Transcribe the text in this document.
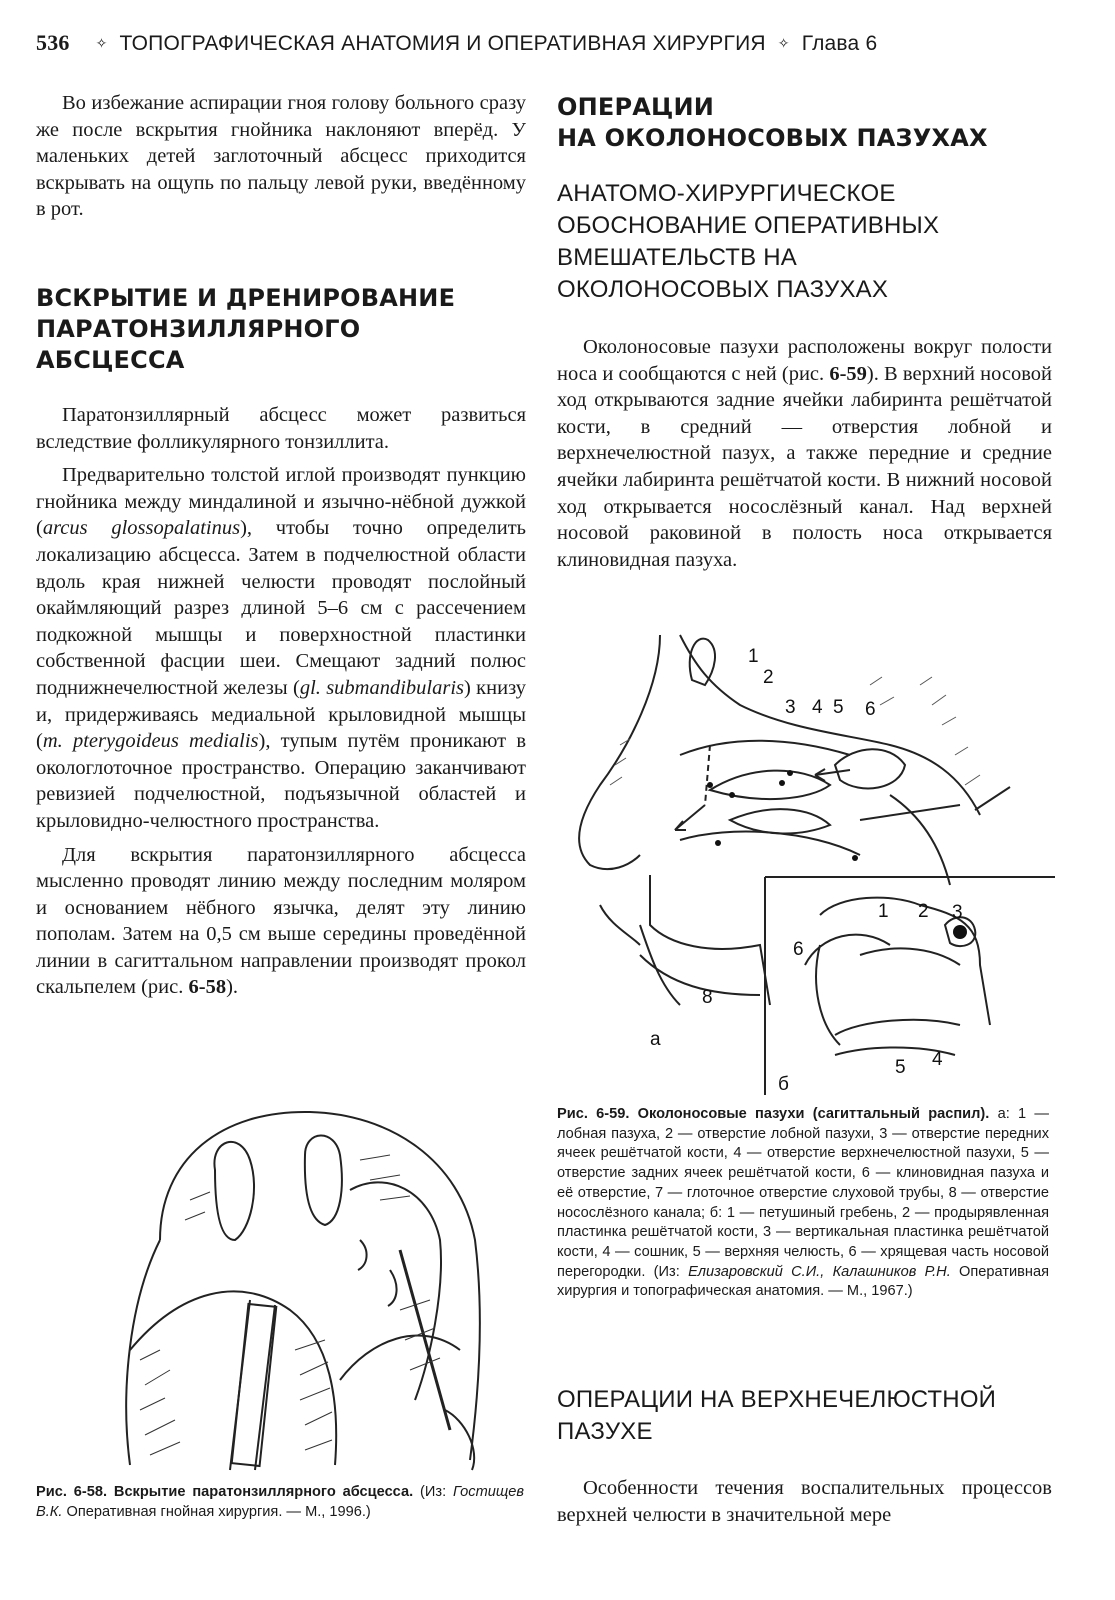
536 ✧ ТОПОГРАФИЧЕСКАЯ АНАТОМИЯ И ОПЕРАТИВНАЯ ХИРУРГИЯ ✧ Глава 6

Во избежание аспирации гноя голову больного сразу же после вскрытия гнойника наклоняют вперёд. У маленьких детей заглоточный абсцесс приходится вскрывать на ощупь по пальцу левой руки, введённому в рот.

ВСКРЫТИЕ И ДРЕНИРОВАНИЕ
ПАРАТОНЗИЛЛЯРНОГО
АБСЦЕССА

Паратонзиллярный абсцесс может развиться вследствие фолликулярного тонзиллита.

Предварительно толстой иглой производят пункцию гнойника между миндалиной и язычно-нёбной дужкой (arcus glossopalatinus), чтобы точно определить локализацию абсцесса. Затем в подчелюстной области вдоль края нижней челюсти проводят послойный окаймляющий разрез длиной 5–6 см с рассечением подкожной мышцы и поверхностной пластинки собственной фасции шеи. Смещают задний полюс поднижнечелюстной железы (gl. submandibularis) книзу и, придерживаясь медиальной крыловидной мышцы (m. pterygoideus medialis), тупым путём проникают в окологлоточное пространство. Операцию заканчивают ревизией подчелюстной, подъязычной областей и крыловидно-челюстного пространства.

Для вскрытия паратонзиллярного абсцесса мысленно проводят линию между последним моляром и основанием нёбного язычка, делят эту линию пополам. Затем на 0,5 см выше середины проведённой линии в сагиттальном направлении производят прокол скальпелем (рис. 6-58).

Рис. 6-58. Вскрытие паратонзиллярного абсцесса. (Из: Гостищев В.К. Оперативная гнойная хирургия. — М., 1996.)
ОПЕРАЦИИ
НА ОКОЛОНОСОВЫХ ПАЗУХАХ
АНАТОМО-ХИРУРГИЧЕСКОЕ
ОБОСНОВАНИЕ ОПЕРАТИВНЫХ
ВМЕШАТЕЛЬСТВ НА
ОКОЛОНОСОВЫХ ПАЗУХАХ

Околоносовые пазухи расположены вокруг полости носа и сообщаются с ней (рис. 6-59). В верхний носовой ход открываются задние ячейки лабиринта решётчатой кости, в средний — отверстия лобной и верхнечелюстной пазух, а также передние и средние ячейки лабиринта решётчатой кости. В нижний носовой ход открывается носослёзный канал. Над верхней носовой раковиной в полость носа открывается клиновидная пазуха.

1
2
3 4 5 6
8
1 2 3
6
5 4
а
б
Рис. 6-59. Околоносовые пазухи (сагиттальный распил). а: 1 — лобная пазуха, 2 — отверстие лобной пазухи, 3 — отверстие передних ячеек решётчатой кости, 4 — отверстие верхнечелюстной пазухи, 5 — отверстие задних ячеек решётчатой кости, 6 — клиновидная пазуха и её отверстие, 7 — глоточное отверстие слуховой трубы, 8 — отверстие носослёзного канала; б: 1 — петушиный гребень, 2 — продырявленная пластинка решётчатой кости, 3 — вертикальная пластинка решётчатой кости, 4 — сошник, 5 — верхняя челюсть, 6 — хрящевая часть носовой перегородки. (Из: Елизаровский С.И., Калашников Р.Н. Оперативная хирургия и топографическая анатомия. — М., 1967.)
ОПЕРАЦИИ НА ВЕРХНЕЧЕЛЮСТНОЙ
ПАЗУХЕ

Особенности течения воспалительных процессов верхней челюсти в значительной мере
